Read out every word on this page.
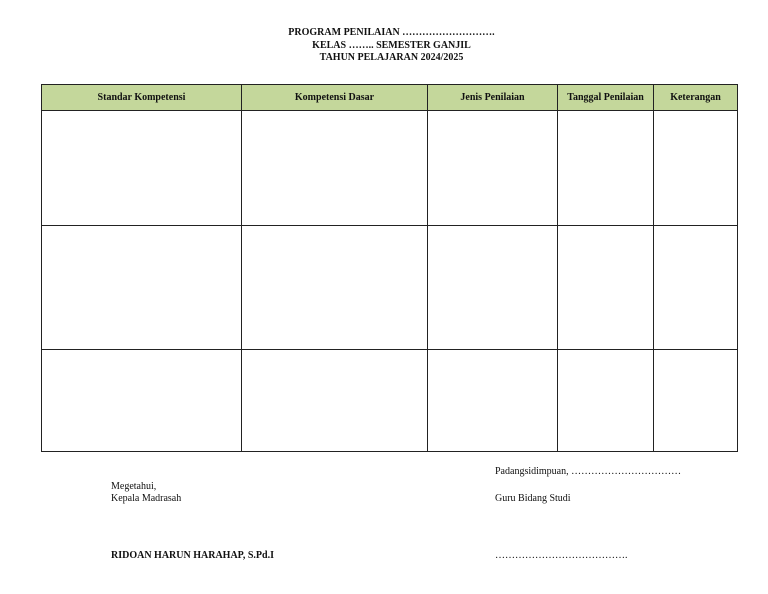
PROGRAM PENILAIAN ……………………….
KELAS …….. SEMESTER GANJIL
TAHUN PELAJARAN 2024/2025
Standar Kompetensi	Kompetensi Dasar	Jenis Penilaian	Tanggal Penilaian	Keterangan

Megetahui,
Kepala Madrasah
RIDOAN HARUN HARAHAP, S.Pd.I
Padangsidimpuan, ……………………………
Guru Bidang Studi
………………………………….
